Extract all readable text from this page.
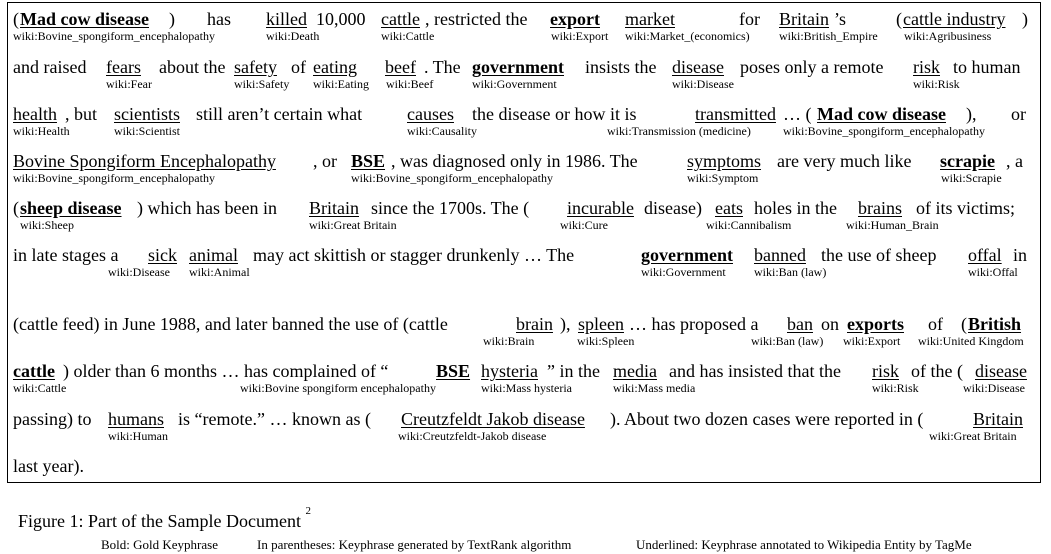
( Mad cow disease ) has killed 10,000 cattle , restricted the export market	for Britain ’s	( cattle industry )
wiki:Bovine_spongiform_encephalopathy	wiki:Death	wiki:Cattle	wiki:Export wiki:Market_(economics) wiki:British_Empire wiki:Agribusiness
and raised fears about the safety of eating beef . The government insists the disease poses only a remote risk to human
wiki:Fear	wiki:Safety wiki:Eating wiki:Beef	wiki:Government	wiki:Disease	wiki:Risk
health , but scientists still aren’t certain what causes the disease or how it is	transmitted … ( Mad cow disease ), or
wiki:Health	wiki:Scientist	wiki:Causality	wiki:Transmission (medicine)	wiki:Bovine_spongiform_encephalopathy
Bovine Spongiform Encephalopathy , or BSE , was diagnosed only in 1986. The	symptoms are very much like scrapie , a
wiki:Bovine_spongiform_encephalopathy	wiki:Bovine_spongiform_encephalopathy	wiki:Symptom	wiki:Scrapie
( sheep disease ) which has been in Britain since the 1700s. The ( incurable disease) eats holes in the brains of its victims;
wiki:Sheep	wiki:Great Britain	wiki:Cure	wiki:Cannibalism	wiki:Human_Brain
in late stages a sick animal may act skittish or stagger drunkenly … The	government banned the use of sheep offal in
wiki:Disease wiki:Animal	wiki:Government wiki:Ban (law)	wiki:Offal
(cattle feed) in June 1988, and later banned the use of (cattle	brain ), spleen … has proposed a ban on exports of ( British
wiki:Brain	wiki:Spleen	wiki:Ban (law) wiki:Export wiki:United Kingdom
cattle ) older than 6 months … has complained of “	BSE hysteria ” in the media and has insisted that the risk of the ( disease
wiki:Cattle	wiki:Bovine spongiform encephalopathy	wiki:Mass hysteria	wiki:Mass media	wiki:Risk	wiki:Disease
passing) to humans is “remote.” … known as ( Creutzfeldt Jakob disease ). About two dozen cases were reported in (	Britain
wiki:Human	wiki:Creutzfeldt-Jakob disease	wiki:Great Britain
last year).
Figure 1: Part of the Sample Document $^2$
Bold: Gold Keyphrase	In parentheses: Keyphrase generated by TextRank algorithm	Underlined: Keyphrase annotated to Wikipedia Entity by TagMe
